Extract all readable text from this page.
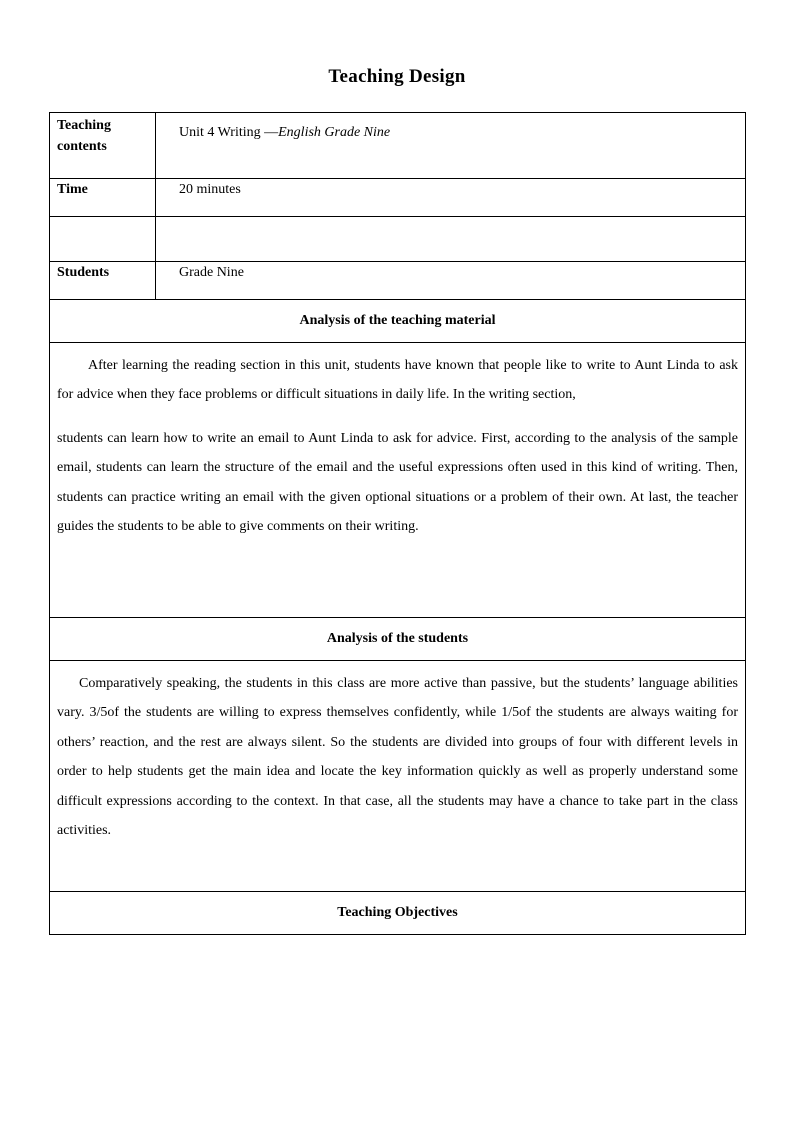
Teaching Design
Teaching contents	Unit 4 Writing —English Grade Nine
Time	20 minutes

Students	Grade Nine
Analysis of the teaching material	

After learning the reading section in this unit, students have known that people like to write to Aunt Linda to ask for advice when they face problems or difficult situations in daily life. In the writing section,

students can learn how to write an email to Aunt Linda to ask for advice. First, according to the analysis of the sample email, students can learn the structure of the email and the useful expressions often used in this kind of writing. Then, students can practice writing an email with the given optional situations or a problem of their own. At last, the teacher guides the students to be able to give comments on their writing.	

Analysis of the students	

Comparatively speaking, the students in this class are more active than passive, but the students’ language abilities vary. 3/5of the students are willing to express themselves confidently, while 1/5of the students are always waiting for others’ reaction, and the rest are always silent. So the students are divided into groups of four with different levels in order to help students get the main idea and locate the key information quickly as well as properly understand some difficult expressions according to the context. In that case, all the students may have a chance to take part in the class activities.	

Teaching Objectives	
